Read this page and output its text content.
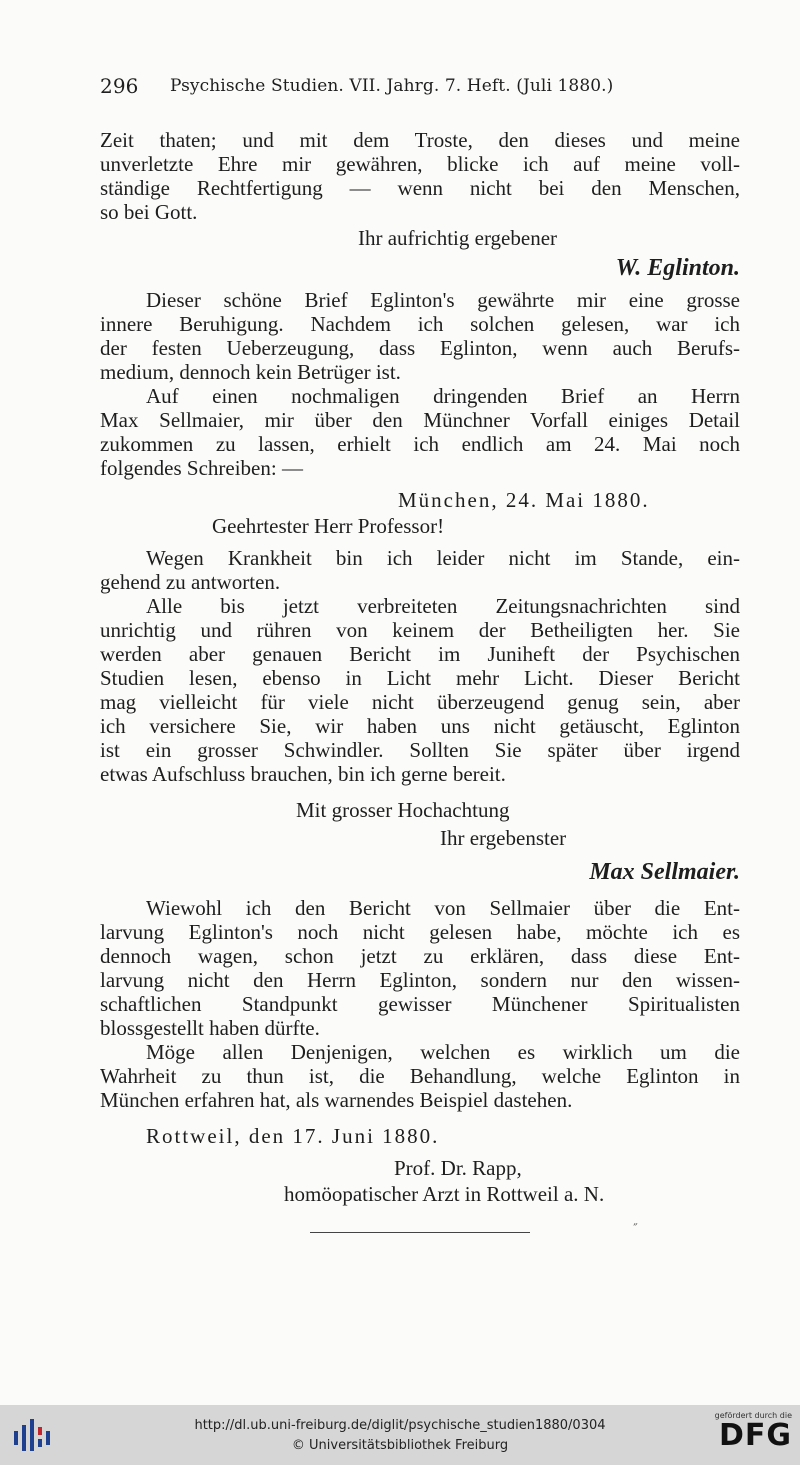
296 Psychische Studien. VII. Jahrg. 7. Heft. (Juli 1880.)
Zeit thaten; und mit dem Troste, den dieses und meine
unverletzte Ehre mir gewähren, blicke ich auf meine voll-
ständige Rechtfertigung — wenn nicht bei den Menschen,
so bei Gott.
Ihr aufrichtig ergebener
W. Eglinton.
Dieser schöne Brief Eglinton's gewährte mir eine grosse
innere Beruhigung. Nachdem ich solchen gelesen, war ich
der festen Ueberzeugung, dass Eglinton, wenn auch Berufs-
medium, dennoch kein Betrüger ist.
Auf einen nochmaligen dringenden Brief an Herrn
Max Sellmaier, mir über den Münchner Vorfall einiges Detail
zukommen zu lassen, erhielt ich endlich am 24. Mai noch
folgendes Schreiben: —
München, 24. Mai 1880.
Geehrtester Herr Professor!
Wegen Krankheit bin ich leider nicht im Stande, ein-
gehend zu antworten.
Alle bis jetzt verbreiteten Zeitungsnachrichten sind
unrichtig und rühren von keinem der Betheiligten her. Sie
werden aber genauen Bericht im Juniheft der Psychischen
Studien lesen, ebenso in Licht mehr Licht. Dieser Bericht
mag vielleicht für viele nicht überzeugend genug sein, aber
ich versichere Sie, wir haben uns nicht getäuscht, Eglinton
ist ein grosser Schwindler. Sollten Sie später über irgend
etwas Aufschluss brauchen, bin ich gerne bereit.
Mit grosser Hochachtung
Ihr ergebenster
Max Sellmaier.
Wiewohl ich den Bericht von Sellmaier über die Ent-
larvung Eglinton's noch nicht gelesen habe, möchte ich es
dennoch wagen, schon jetzt zu erklären, dass diese Ent-
larvung nicht den Herrn Eglinton, sondern nur den wissen-
schaftlichen Standpunkt gewisser Münchener Spiritualisten
blossgestellt haben dürfte.
Möge allen Denjenigen, welchen es wirklich um die
Wahrheit zu thun ist, die Behandlung, welche Eglinton in
München erfahren hat, als warnendes Beispiel dastehen.
Rottweil, den 17. Juni 1880.
Prof. Dr. Rapp,
homöopatischer Arzt in Rottweil a. N.
˝
http://dl.ub.uni-freiburg.de/diglit/psychische_studien1880/0304
© Universitätsbibliothek Freiburg
gefördert durch die
DFG
